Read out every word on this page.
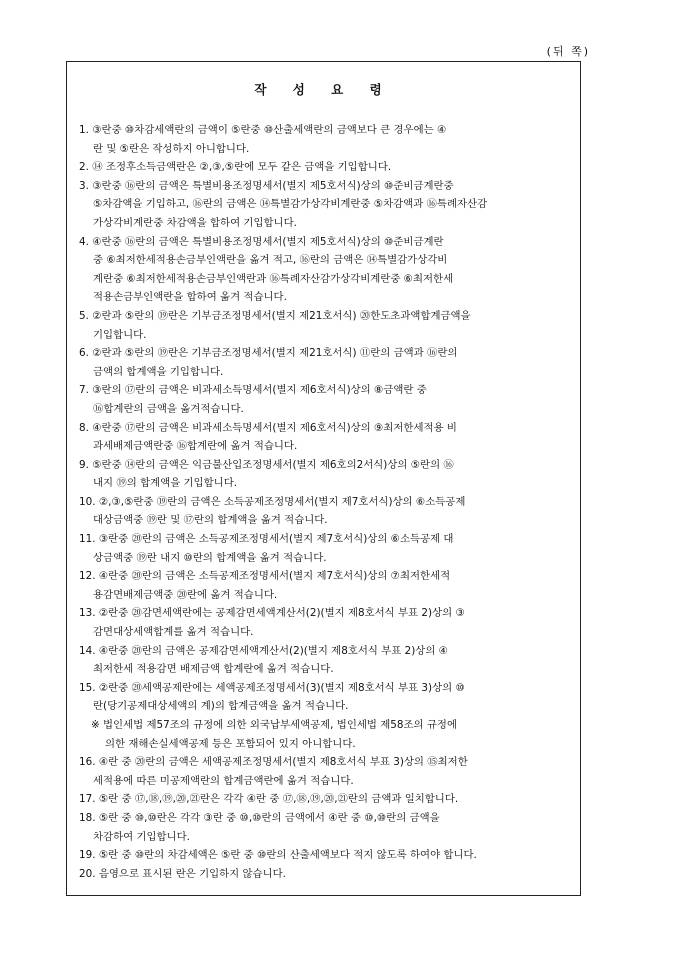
(뒤 쪽)
작 성 요 령
1. ③란중 ⑩차감세액란의 금액이 ⑤란중 ⑩산출세액란의 금액보다 큰 경우에는 ④
란 및 ⑤란은 작성하지 아니합니다.
2. ⑭ 조정후소득금액란은 ②,③,⑤란에 모두 같은 금액을 기입합니다.
3. ③란중 ⑯란의 금액은 특별비용조정명세서(별지 제5호서식)상의 ⑩준비금계란중
⑤차감액을 기입하고, ⑯란의 금액은 ⑭특별감가상각비계란중 ⑤차감액과 ⑯특례자산감
가상각비계란중 차감액을 합하여 기입합니다.
4. ④란중 ⑯란의 금액은 특별비용조정명세서(별지 제5호서식)상의 ⑩준비금계란
중 ⑥최저한세적용손금부인액란을 옮겨 적고, ⑯란의 금액은 ⑭특별감가상각비
계란중 ⑥최저한세적용손금부인액란과 ⑯특례자산감가상각비계란중 ⑥최저한세
적용손금부인액란을 합하여 옮겨 적습니다.
5. ②란과 ⑤란의 ⑲란은 기부금조정명세서(별지 제21호서식) ⑳한도초과액합계금액을
기입합니다.
6. ②란과 ⑤란의 ⑲란은 기부금조정명세서(별지 제21호서식) ⑪란의 금액과 ⑯란의
금액의 합계액을 기입합니다.
7. ③란의 ⑰란의 금액은 비과세소득명세서(별지 제6호서식)상의 ⑧금액란 중
⑯합계란의 금액을 옮겨적습니다.
8. ④란중 ⑰란의 금액은 비과세소득명세서(별지 제6호서식)상의 ⑨최저한세적용 비
과세배제금액란중 ⑯합계란에 옮겨 적습니다.
9. ⑤란중 ⑭란의 금액은 익금불산입조정명세서(별지 제6호의2서식)상의 ⑤란의 ⑯
내지 ⑲의 합계액을 기입합니다.
10. ②,③,⑤란중 ⑲란의 금액은 소득공제조정명세서(별지 제7호서식)상의 ⑥소득공제
대상금액중 ⑲란 및 ⑰란의 합계액을 옮겨 적습니다.
11. ③란중 ⑳란의 금액은 소득공제조정명세서(별지 제7호서식)상의 ⑥소득공제 대
상금액중 ⑲란 내지 ⑩란의 합계액을 옮겨 적습니다.
12. ④란중 ⑳란의 금액은 소득공제조정명세서(별지 제7호서식)상의 ⑦최저한세적
용감면배제금액중 ⑳란에 옮겨 적습니다.
13. ②란중 ⑳감면세액란에는 공제감면세액계산서(2)(별지 제8호서식 부표 2)상의 ③
감면대상세액합계를 옮겨 적습니다.
14. ④란중 ⑳란의 금액은 공제감면세액계산서(2)(별지 제8호서식 부표 2)상의 ④
최저한세 적용감면 배제금액 합계란에 옮겨 적습니다.
15. ②란중 ⑳세액공제란에는 세액공제조정명세서(3)(별지 제8호서식 부표 3)상의 ⑩
란(당기공제대상세액의 계)의 합계금액을 옮겨 적습니다.
※ 법인세법 제57조의 규정에 의한 외국납부세액공제, 법인세법 제58조의 규정에
의한 재해손실세액공제 등은 포함되어 있지 아니합니다.
16. ④란 중 ⑳란의 금액은 세액공제조정명세서(별지 제8호서식 부표 3)상의 ⑮최저한
세적용에 따른 미공제액란의 합계금액란에 옮겨 적습니다.
17. ⑤란 중 ⑰,⑱,⑲,⑳,㉑란은 각각 ④란 중 ⑰,⑱,⑲,⑳,㉑란의 금액과 일치합니다.
18. ⑤란 중 ⑩,⑩란은 각각 ③란 중 ⑩,⑩란의 금액에서 ④란 중 ⑩,⑩란의 금액을
차감하여 기입합니다.
19. ⑤란 중 ⑩란의 차감세액은 ⑤란 중 ⑩란의 산출세액보다 적지 않도록 하여야 합니다.
20. 음영으로 표시된 란은 기입하지 않습니다.
